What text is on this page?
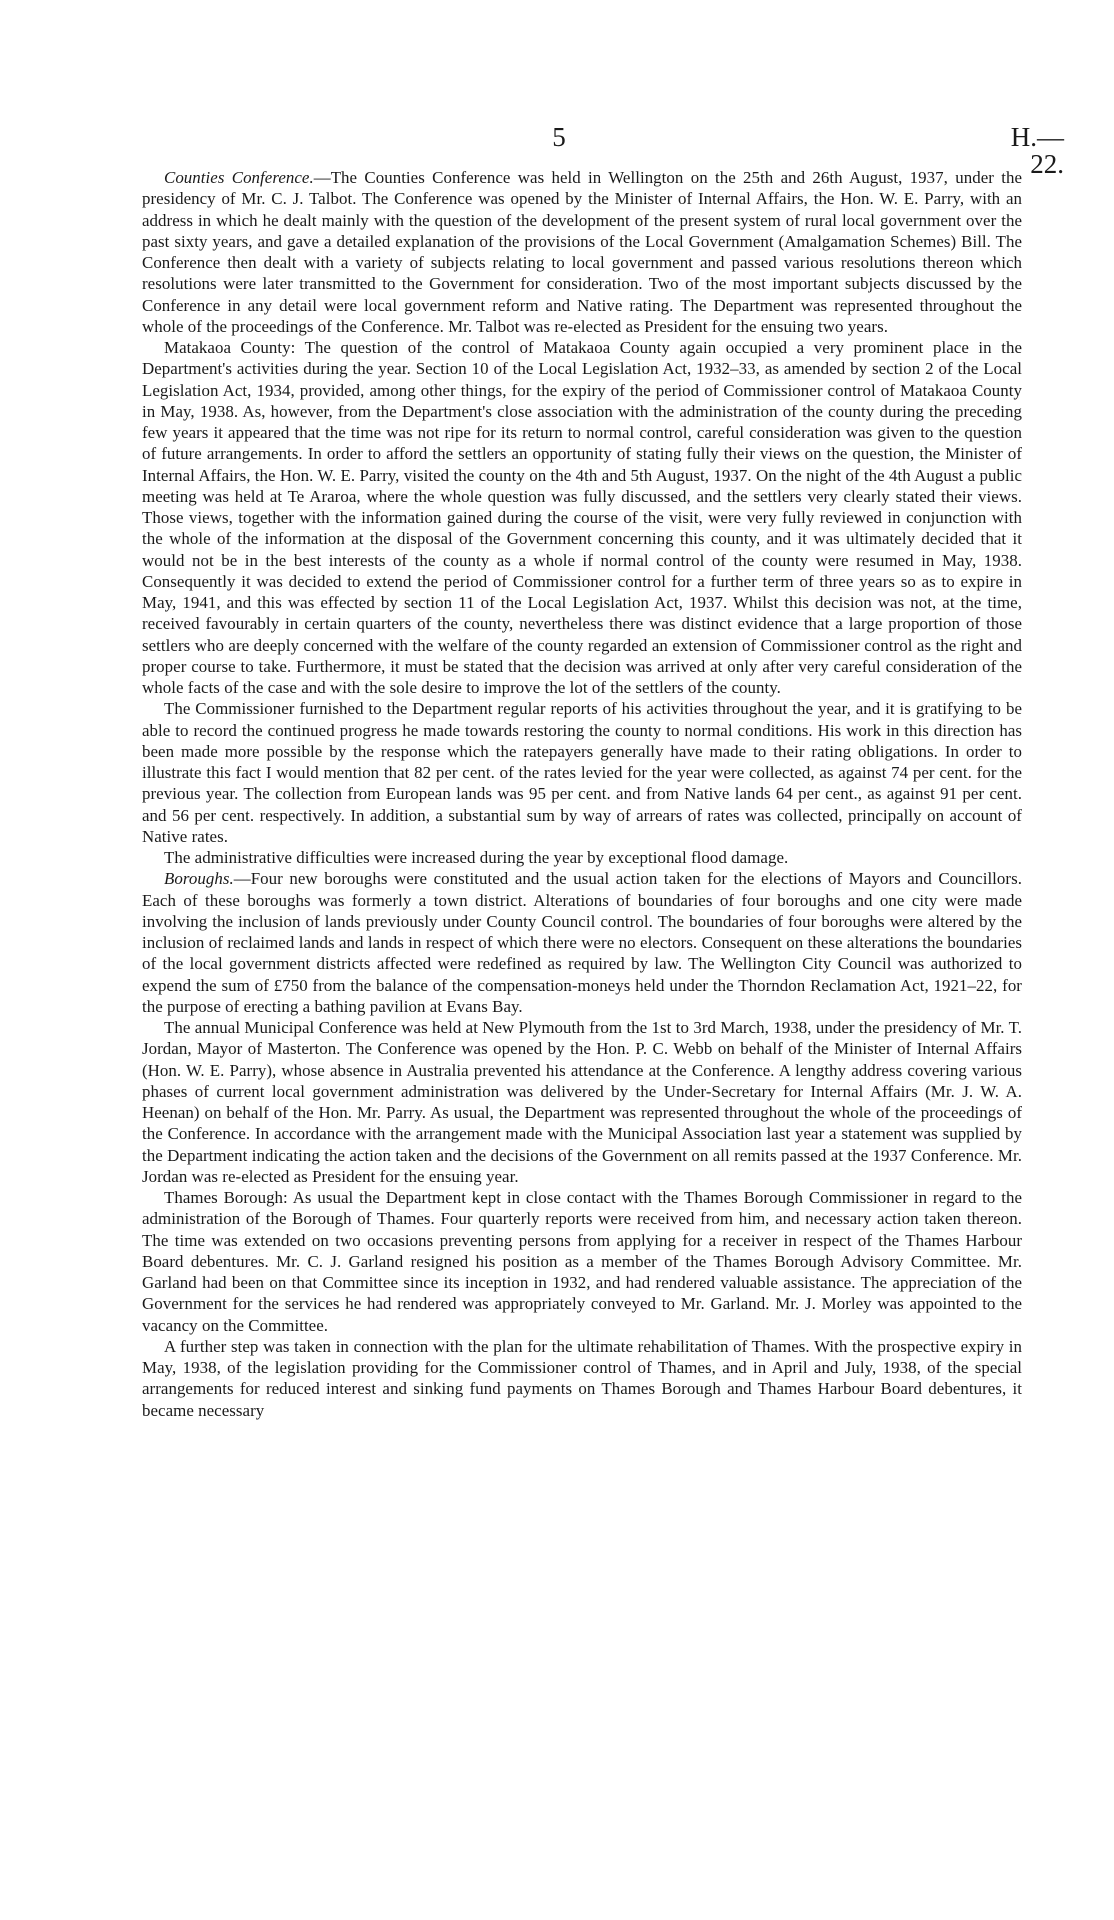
5	H.—22.

Counties Conference.—The Counties Conference was held in Wellington on the 25th and 26th August, 1937, under the presidency of Mr. C. J. Talbot. The Conference was opened by the Minister of Internal Affairs, the Hon. W. E. Parry, with an address in which he dealt mainly with the question of the development of the present system of rural local government over the past sixty years, and gave a detailed explanation of the provisions of the Local Government (Amalgamation Schemes) Bill. The Conference then dealt with a variety of subjects relating to local government and passed various resolutions thereon which resolutions were later transmitted to the Government for consideration. Two of the most important subjects discussed by the Conference in any detail were local government reform and Native rating. The Department was represented throughout the whole of the proceedings of the Conference. Mr. Talbot was re-elected as President for the ensuing two years.

Matakaoa County: The question of the control of Matakaoa County again occupied a very prominent place in the Department's activities during the year. Section 10 of the Local Legislation Act, 1932–33, as amended by section 2 of the Local Legislation Act, 1934, provided, among other things, for the expiry of the period of Commissioner control of Matakaoa County in May, 1938. As, however, from the Department's close association with the administration of the county during the preceding few years it appeared that the time was not ripe for its return to normal control, careful consideration was given to the question of future arrangements. In order to afford the settlers an opportunity of stating fully their views on the question, the Minister of Internal Affairs, the Hon. W. E. Parry, visited the county on the 4th and 5th August, 1937. On the night of the 4th August a public meeting was held at Te Araroa, where the whole question was fully discussed, and the settlers very clearly stated their views. Those views, together with the information gained during the course of the visit, were very fully reviewed in conjunction with the whole of the information at the disposal of the Government concerning this county, and it was ultimately decided that it would not be in the best interests of the county as a whole if normal control of the county were resumed in May, 1938. Consequently it was decided to extend the period of Commissioner control for a further term of three years so as to expire in May, 1941, and this was effected by section 11 of the Local Legislation Act, 1937. Whilst this decision was not, at the time, received favourably in certain quarters of the county, nevertheless there was distinct evidence that a large proportion of those settlers who are deeply concerned with the welfare of the county regarded an extension of Commissioner control as the right and proper course to take. Furthermore, it must be stated that the decision was arrived at only after very careful consideration of the whole facts of the case and with the sole desire to improve the lot of the settlers of the county.

The Commissioner furnished to the Department regular reports of his activities throughout the year, and it is gratifying to be able to record the continued progress he made towards restoring the county to normal conditions. His work in this direction has been made more possible by the response which the ratepayers generally have made to their rating obligations. In order to illustrate this fact I would mention that 82 per cent. of the rates levied for the year were collected, as against 74 per cent. for the previous year. The collection from European lands was 95 per cent. and from Native lands 64 per cent., as against 91 per cent. and 56 per cent. respectively. In addition, a substantial sum by way of arrears of rates was collected, principally on account of Native rates.

The administrative difficulties were increased during the year by exceptional flood damage.

Boroughs.—Four new boroughs were constituted and the usual action taken for the elections of Mayors and Councillors. Each of these boroughs was formerly a town district. Alterations of boundaries of four boroughs and one city were made involving the inclusion of lands previously under County Council control. The boundaries of four boroughs were altered by the inclusion of reclaimed lands and lands in respect of which there were no electors. Consequent on these alterations the boundaries of the local government districts affected were redefined as required by law. The Wellington City Council was authorized to expend the sum of £750 from the balance of the compensation-moneys held under the Thorndon Reclamation Act, 1921–22, for the purpose of erecting a bathing pavilion at Evans Bay.

The annual Municipal Conference was held at New Plymouth from the 1st to 3rd March, 1938, under the presidency of Mr. T. Jordan, Mayor of Masterton. The Conference was opened by the Hon. P. C. Webb on behalf of the Minister of Internal Affairs (Hon. W. E. Parry), whose absence in Australia prevented his attendance at the Conference. A lengthy address covering various phases of current local government administration was delivered by the Under-Secretary for Internal Affairs (Mr. J. W. A. Heenan) on behalf of the Hon. Mr. Parry. As usual, the Department was represented throughout the whole of the proceedings of the Conference. In accordance with the arrangement made with the Municipal Association last year a statement was supplied by the Department indicating the action taken and the decisions of the Government on all remits passed at the 1937 Conference. Mr. Jordan was re-elected as President for the ensuing year.

Thames Borough: As usual the Department kept in close contact with the Thames Borough Commissioner in regard to the administration of the Borough of Thames. Four quarterly reports were received from him, and necessary action taken thereon. The time was extended on two occasions preventing persons from applying for a receiver in respect of the Thames Harbour Board debentures. Mr. C. J. Garland resigned his position as a member of the Thames Borough Advisory Committee. Mr. Garland had been on that Committee since its inception in 1932, and had rendered valuable assistance. The appreciation of the Government for the services he had rendered was appropriately conveyed to Mr. Garland. Mr. J. Morley was appointed to the vacancy on the Committee.

A further step was taken in connection with the plan for the ultimate rehabilitation of Thames. With the prospective expiry in May, 1938, of the legislation providing for the Commissioner control of Thames, and in April and July, 1938, of the special arrangements for reduced interest and sinking fund payments on Thames Borough and Thames Harbour Board debentures, it became necessary
